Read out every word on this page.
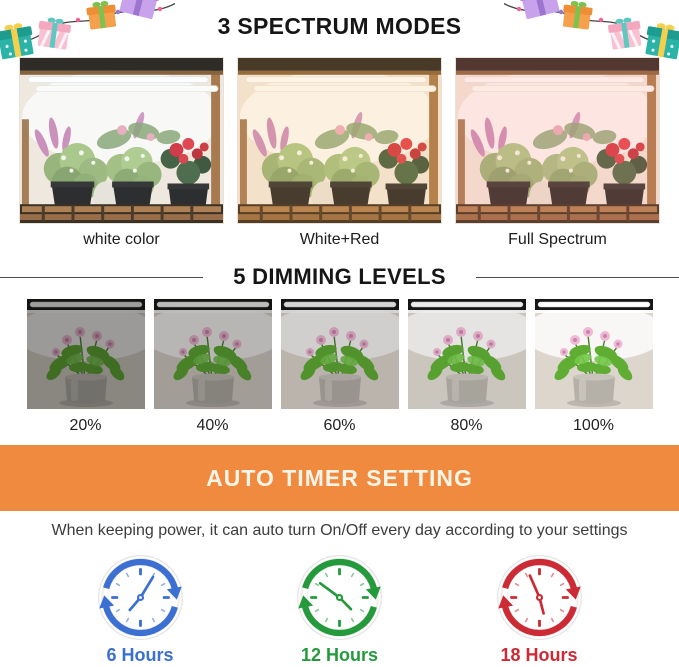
3 SPECTRUM MODES
white color	White+Red	Full Spectrum
5 DIMMING LEVELS
20%	40%	60%	80%	100%
AUTO TIMER SETTING
When keeping power, it can auto turn On/Off every day according to your settings
6 Hours	12 Hours	18 Hours
